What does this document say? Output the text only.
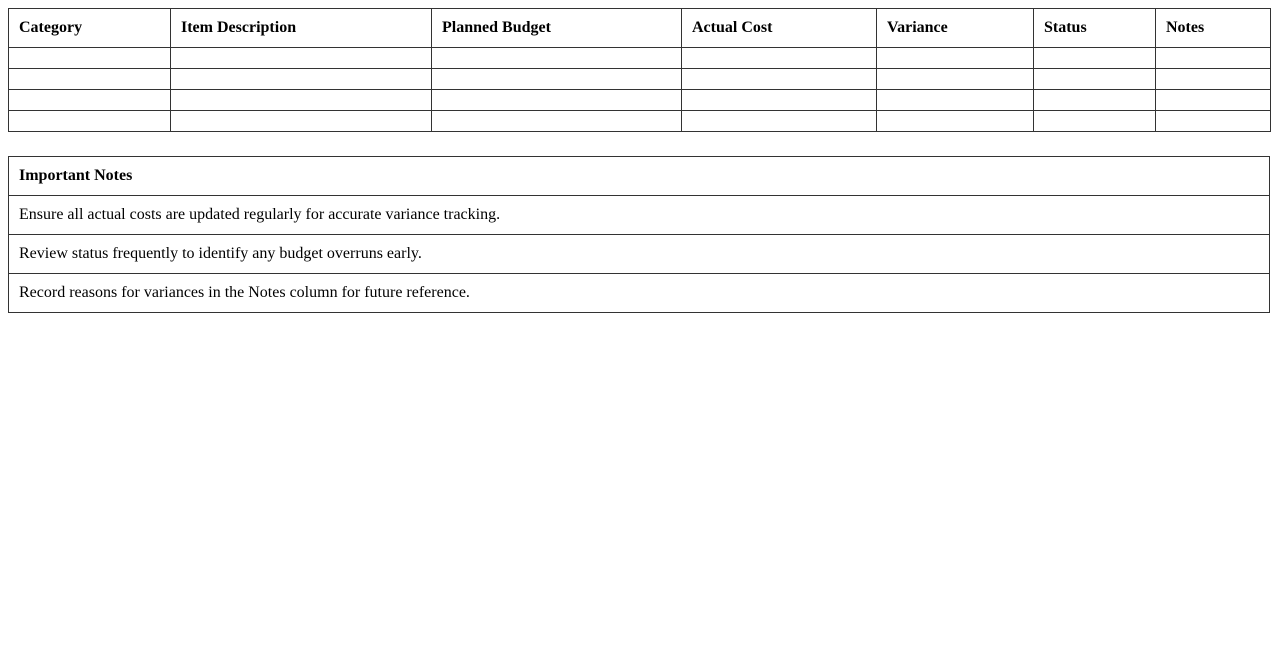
Category	Item Description	Planned Budget	Actual Cost	Variance	Status	Notes

Important Notes
Ensure all actual costs are updated regularly for accurate variance tracking.
Review status frequently to identify any budget overruns early.
Record reasons for variances in the Notes column for future reference.
